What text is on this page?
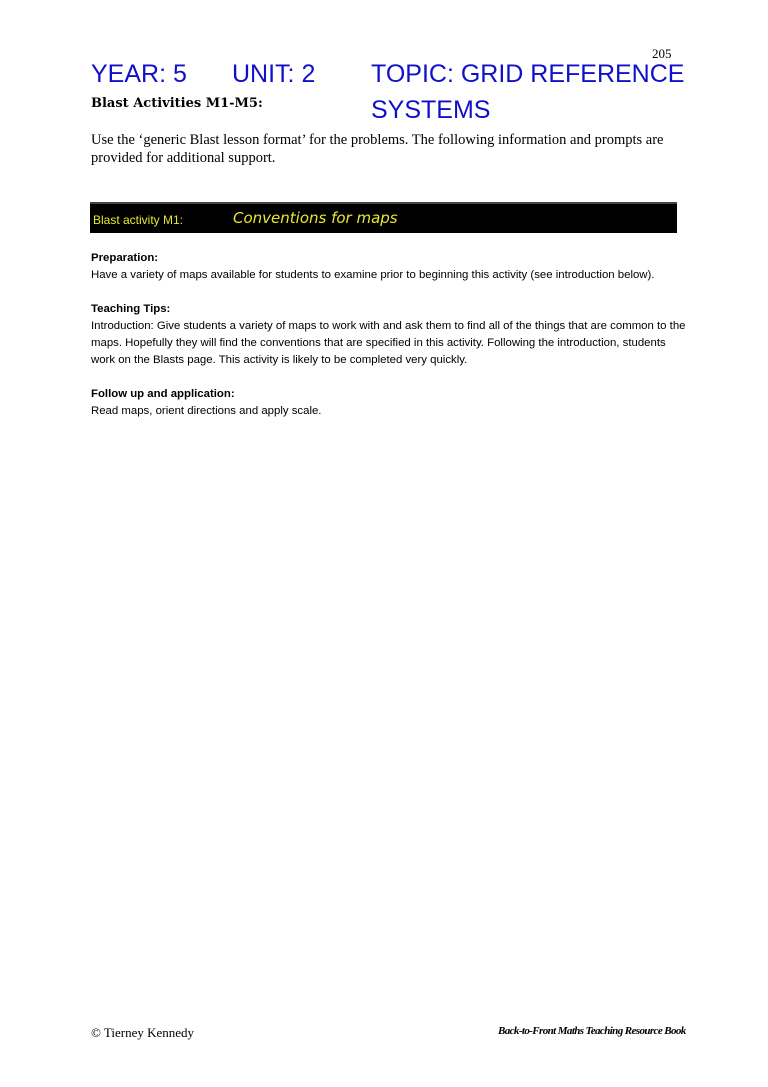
205
YEAR: 5 UNIT: 2 TOPIC: GRID REFERENCE
SYSTEMS
Blast Activities M1-M5:
Use the ‘generic Blast lesson format’ for the problems. The following information and prompts are provided for additional support.
Blast activity M1:	Conventions for maps
Preparation:

Have a variety of maps available for students to examine prior to beginning this activity (see introduction below).

Teaching Tips:

Introduction: Give students a variety of maps to work with and ask them to find all of the things that are common to the maps. Hopefully they will find the conventions that are specified in this activity. Following the introduction, students work on the Blasts page. This activity is likely to be completed very quickly.

Follow up and application:

Read maps, orient directions and apply scale.

© Tierney Kennedy	Back-to-Front Maths Teaching Resource Book
